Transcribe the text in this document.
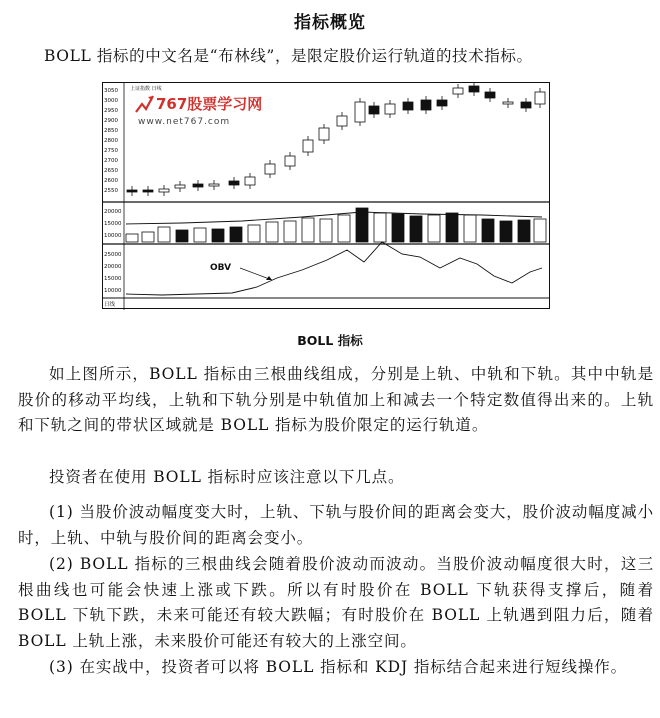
指标概览
BOLL 指标的中文名是“布林线”，是限定股价运行轨道的技术指标。
上证指数 日线
3050
3000
2950
2900
2850
2800
2750
2700
2650
2600
2550
767股票学习网
www.net767.com
20000
15000
10000
25000
20000
15000
10000
OBV
日线
BOLL 指标

如上图所示，BOLL 指标由三根曲线组成，分别是上轨、中轨和下轨。其中中轨是股价的移动平均线，上轨和下轨分别是中轨值加上和减去一个特定数值得出来的。上轨和下轨之间的带状区域就是 BOLL 指标为股价限定的运行轨道。

投资者在使用 BOLL 指标时应该注意以下几点。

(1) 当股价波动幅度变大时，上轨、下轨与股价间的距离会变大，股价波动幅度减小时，上轨、中轨与股价间的距离会变小。

(2) BOLL 指标的三根曲线会随着股价波动而波动。当股价波动幅度很大时，这三根曲线也可能会快速上涨或下跌。所以有时股价在 BOLL 下轨获得支撑后，随着 BOLL 下轨下跌，未来可能还有较大跌幅；有时股价在 BOLL 上轨遇到阻力后，随着 BOLL 上轨上涨，未来股价可能还有较大的上涨空间。

(3) 在实战中，投资者可以将 BOLL 指标和 KDJ 指标结合起来进行短线操作。
